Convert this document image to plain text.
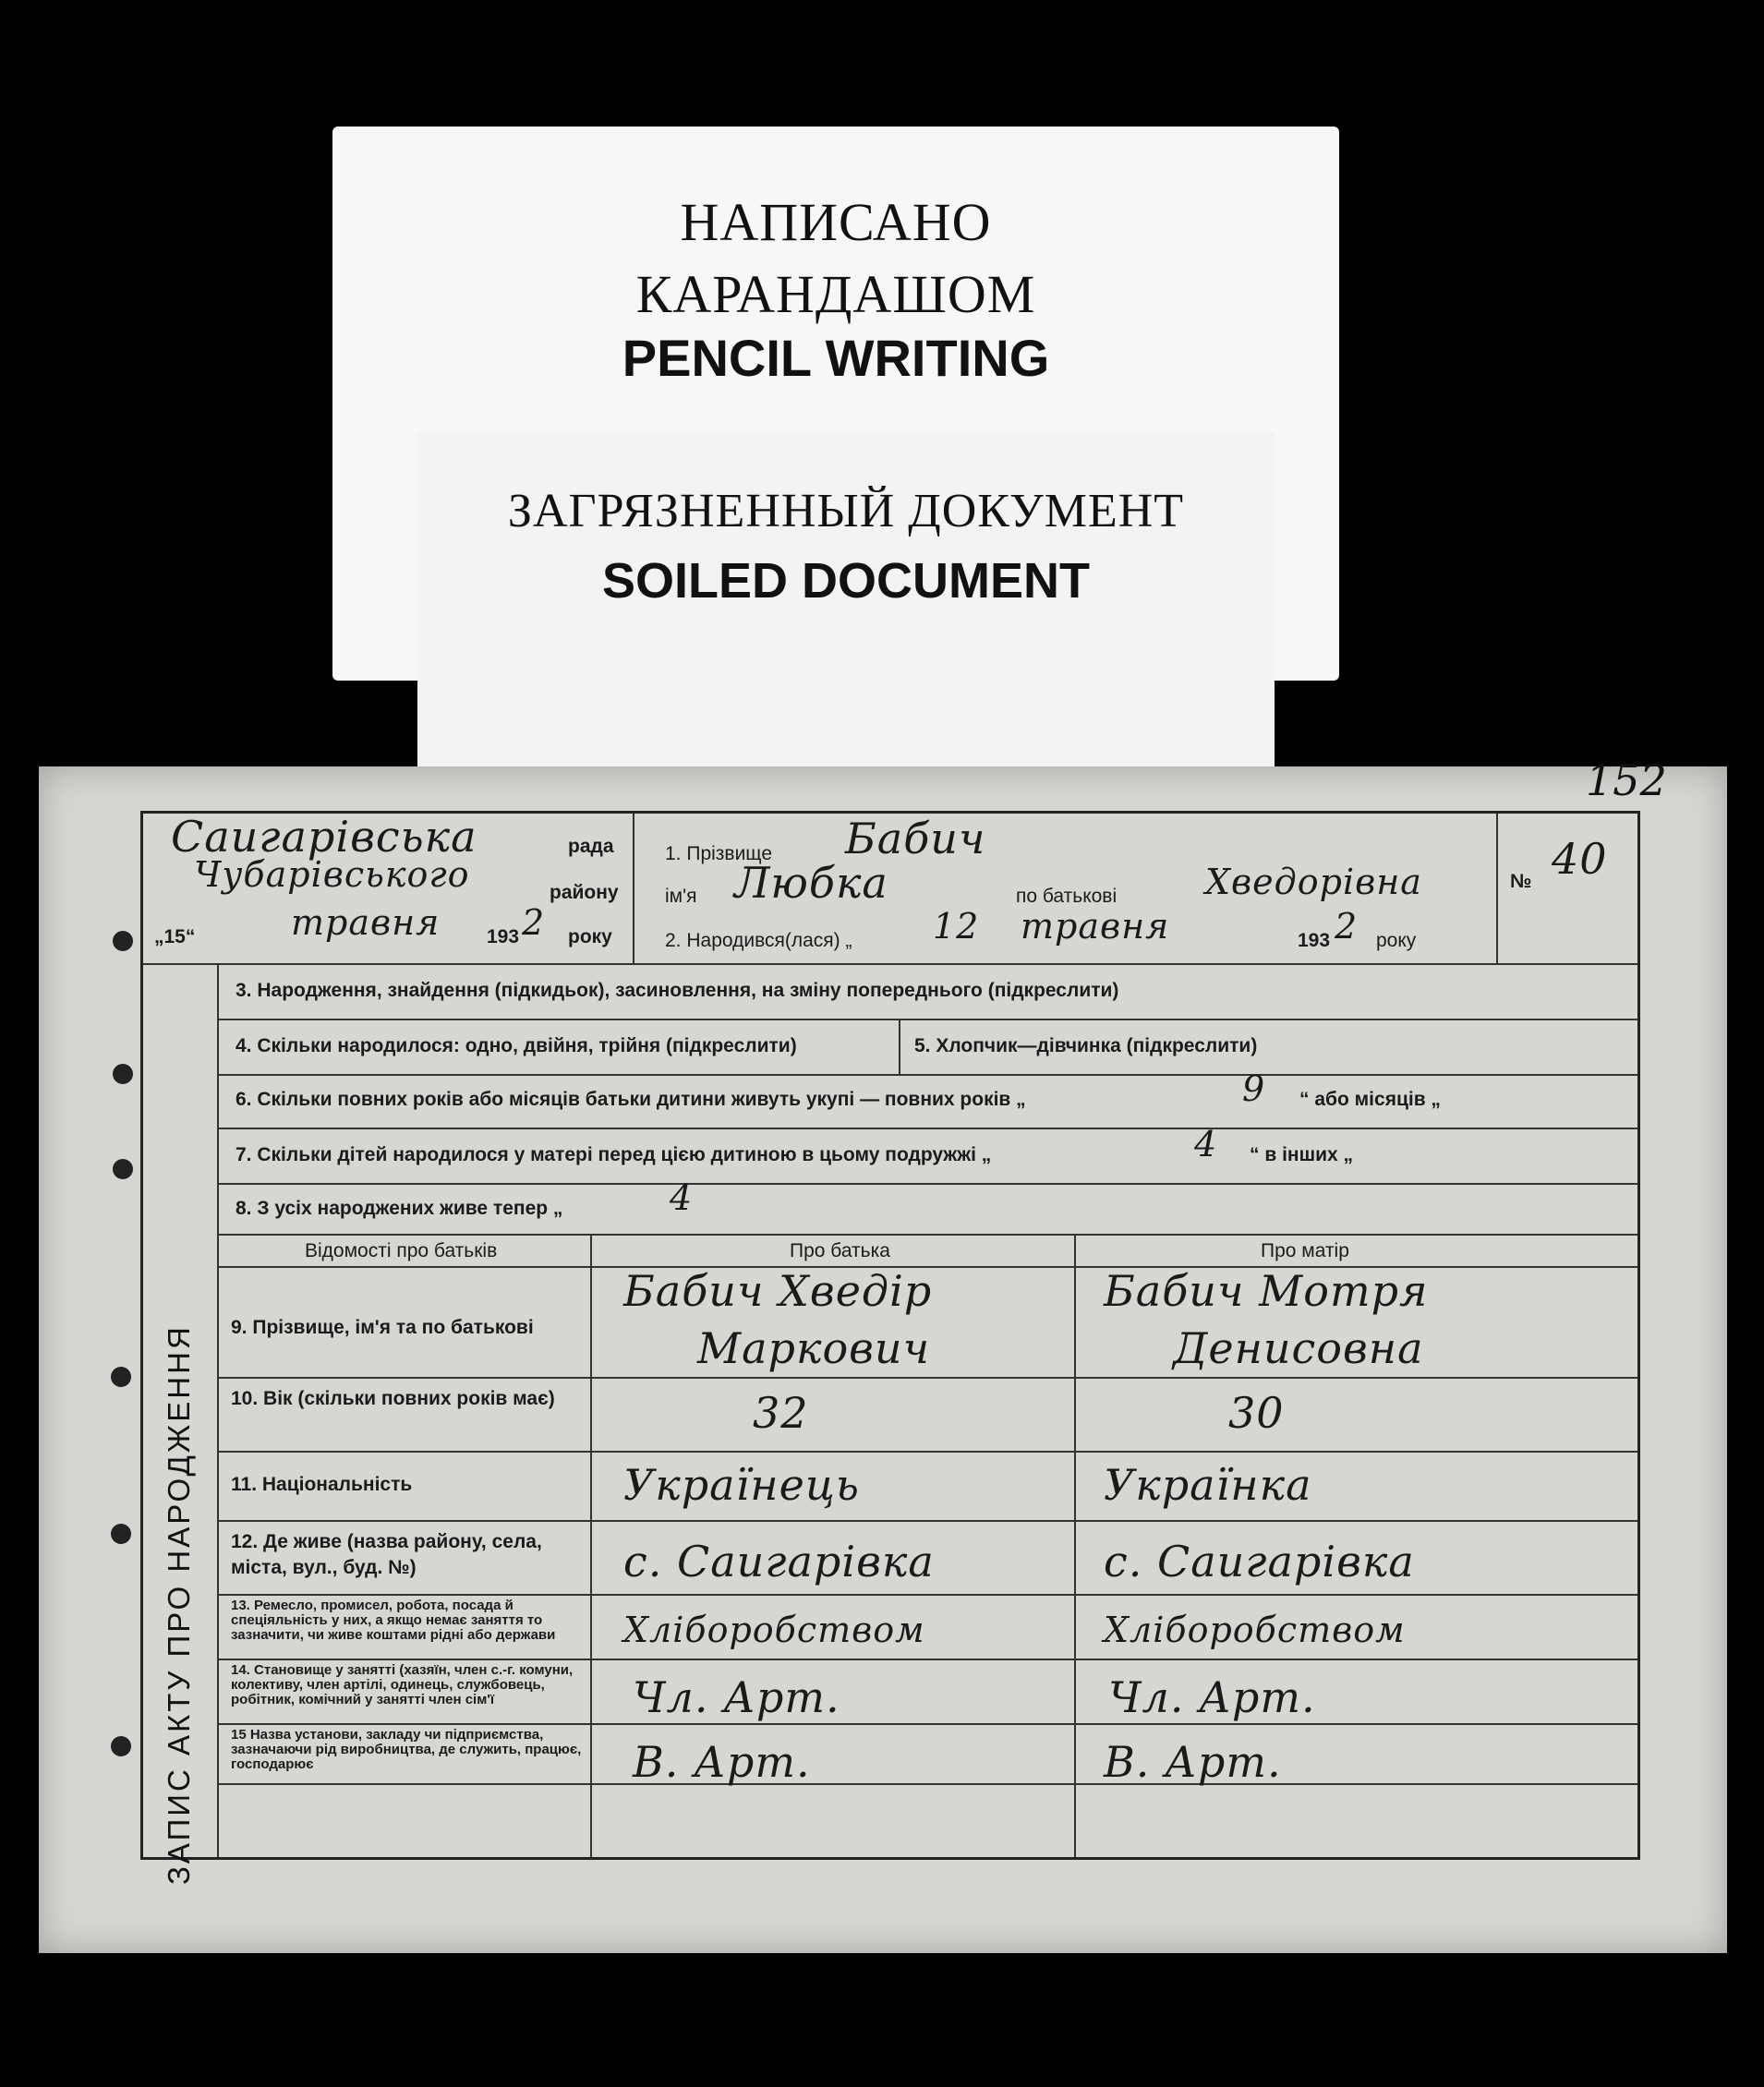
НАПИСАНО
КАРАНДАШОМ
PENCIL WRITING
ЗАГРЯЗНЕННЫЙ ДОКУМЕНТ
SOILED DOCUMENT
152
Саигарівська	рада
Чубарівського	району
„15“	травня 193 2 року
1. Прізвище Бабич
ім'я Любка	по батькові	Хведорівна
2. Народився(лася) „ 12 травня	193 2 року
№ 40
ЗАПИС АКТУ ПРО НАРОДЖЕННЯ
3. Народження, знайдення (підкидьок), засиновлення, на зміну попереднього (підкреслити)
4. Скільки народилося: одно, двійня, трійня (підкреслити)	5. Хлопчик—дівчинка (підкреслити)
6. Скільки повних років або місяців батьки дитини живуть укупі — повних років „	9 “ або місяців „
7. Скільки дітей народилося у матері перед цією дитиною в цьому подружжі „	4 “ в інших „
8. З усіх народжених живе тепер „	4
Відомості про батьків	Про батька	Про матір
9. Прізвище, ім'я та по батькові
Бабич Хведір	Бабич Мотря
Маркович	Денисовна
10. Вік (скільки повних років має)	32	30
11. Національність	Українець	Українка
12. Де живе (назва району, села, міста, вул., буд. №)	с. Саигарівка	с. Саигарівка
13. Ремесло, промисел, робота, посада й спеціяльність у них, а якщо немає заняття то зазначити, чи живе коштами рідні або держави	Хліборобством	Хліборобством
14. Становище у занятті (хазяїн, член с.-г. комуни, колективу, член артілі, одинець, службовець, робітник, комічний у занятті член сім'ї	Чл. Арт.	Чл. Арт.
15 Назва установи, закладу чи підприємства, зазначаючи рід виробництва, де служить, працює, господарює	В. Арт.	В. Арт.
